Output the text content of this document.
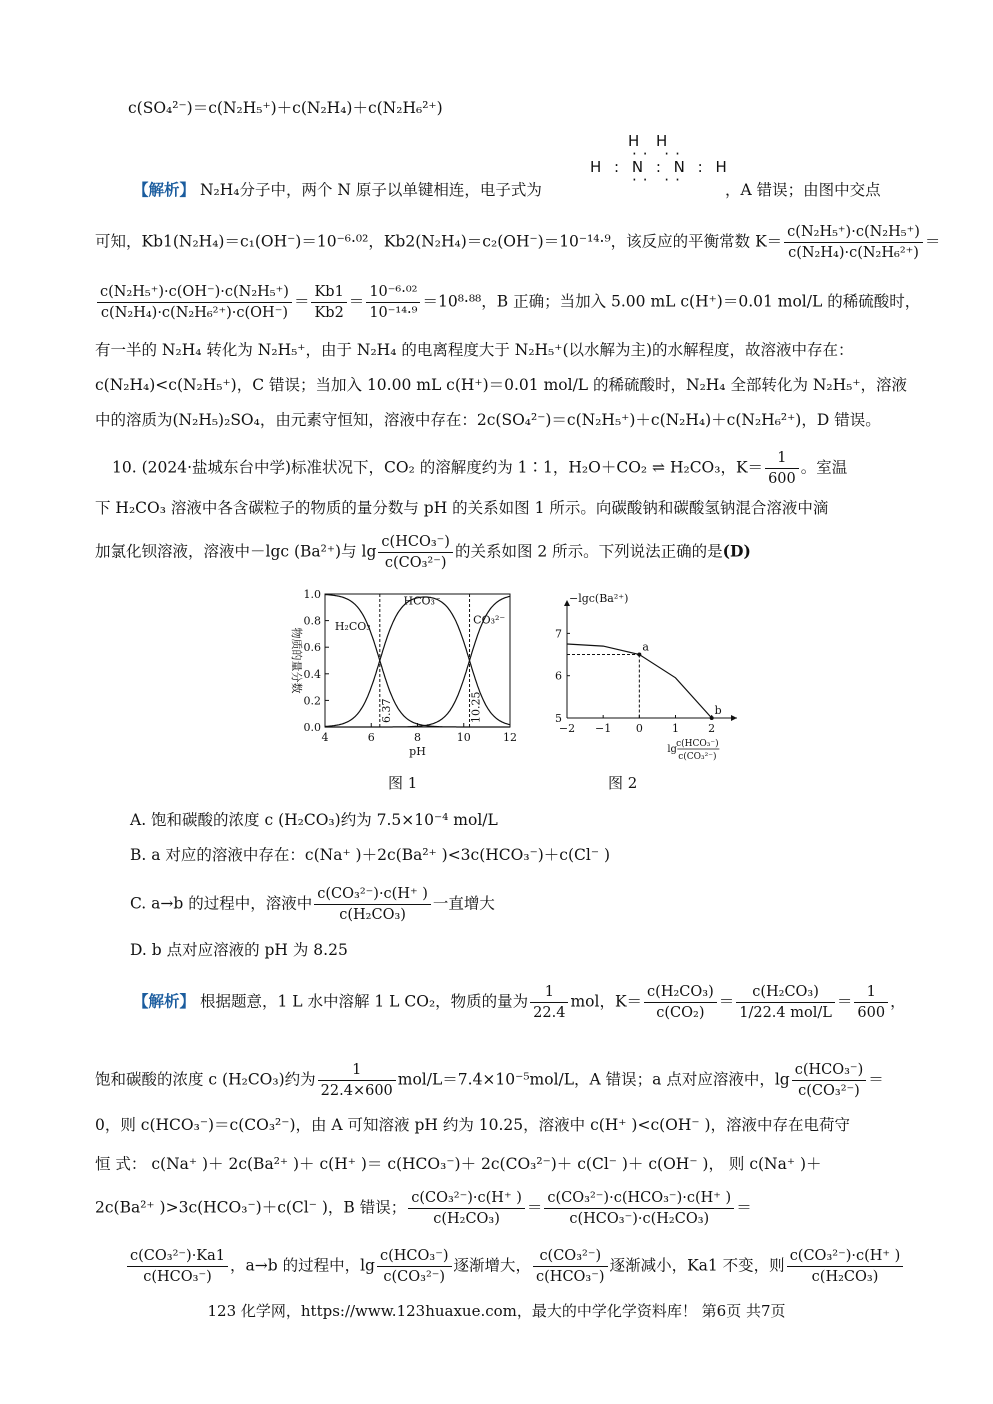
c(SO₄²⁻)＝c(N₂H₅⁺)＋c(N₂H₄)＋c(N₂H₆²⁺)
H H
·· ··
H : N : N : H
·· ··
【解析】 N₂H₄分子中，两个 N 原子以单键相连，电子式为	，A 错误；由图中交点
可知，Kb1(N₂H₄)＝c₁(OH⁻)＝10⁻⁶·⁰²，Kb2(N₂H₄)＝c₂(OH⁻)＝10⁻¹⁴·⁹，该反应的平衡常数 $K= \frac{\text{c(N₂H₅⁺)·c(N₂H₅⁺)}}{\text{c(N₂H₄)·c(N₂H₆²⁺)}}$ ＝
$\frac{\text{c(N₂H₅⁺)·c(OH⁻)·c(N₂H₅⁺)}}{\text{c(N₂H₄)·c(N₂H₆²⁺)·c(OH⁻)}} = \frac{Kb1}{Kb2} = \frac{\text{10⁻⁶·⁰²}}{\text{10⁻¹⁴·⁹}} =10^8\cdot^{88}$，B 正确；当加入 5.00 mL c(H⁺)＝0.01 mol/L 的稀硫酸时，
有一半的 N₂H₄ 转化为 N₂H₅⁺，由于 N₂H₄ 的电离程度大于 N₂H₅⁺(以水解为主)的水解程度，故溶液中存在：
c(N₂H₄)<c(N₂H₅⁺)，C 错误；当加入 10.00 mL c(H⁺)＝0.01 mol/L 的稀硫酸时，N₂H₄ 全部转化为 N₂H₅⁺，溶液
中的溶质为(N₂H₅)₂SO₄，由元素守恒知，溶液中存在：2c(SO₄²⁻)＝c(N₂H₅⁺)＋c(N₂H₄)＋c(N₂H₆²⁺)，D 错误。
10. (2024·盐城东台中学)标准状况下，CO₂ 的溶解度约为 1∶1，H₂O＋CO₂ ⇌ H₂CO₃，$K= \frac{1}{600}$ 。室温
下 H₂CO₃ 溶液中各含碳粒子的物质的量分数与 pH 的关系如图 1 所示。向碳酸钠和碳酸氢钠混合溶液中滴
加氯化钡溶液，溶液中－lgc (Ba²⁺)与 $\lg \frac{\text{c(HCO₃⁻)}}{\text{c(CO₃²⁻)}}$ 的关系如图 2 所示。下列说法正确的是(D)
0.0
0.2
0.4
0.6
0.8
1.0
4	6	8	10	12
pH
物质的量分数
H₂CO₃
HCO₃⁻
CO₃²⁻
6.37	10.25
图 1
−lgc(Ba²⁺)
5
6
7
−2 −1 0	1	2
a
b
lg c(HCO₃⁻)
c(CO₃²⁻)
图 2
A. 饱和碳酸的浓度 c (H₂CO₃)约为 7.5×10⁻⁴ mol/L
B. a 对应的溶液中存在：c(Na⁺ )＋2c(Ba²⁺ )<3c(HCO₃⁻)＋c(Cl⁻ )
C. a→b 的过程中，溶液中 $\frac{\text{c(CO₃²⁻)·c(H⁺ )}}{\text{c(H₂CO₃)}}$ 一直增大
D. b 点对应溶液的 pH 为 8.25
【解析】 根据题意，1 L 水中溶解 1 L CO₂，物质的量为 $\frac{1}{22.4}$ mol，$K= \frac{\text{c(H₂CO₃)}}{\text{c(CO₂)}} = \frac{\text{c(H₂CO₃)}}{\text{1/22.4 mol/L}} = \frac{1}{600}$ ，
饱和碳酸的浓度 c (H₂CO₃)约为 $\frac{1}{22.4\times 600} mol/L=7.4\times 10^{-5}mol/L$，A 错误；a 点对应溶液中，$\lg \frac{\text{c(HCO₃⁻)}}{\text{c(CO₃²⁻)}}$ ＝
0，则 c(HCO₃⁻)＝c(CO₃²⁻)，由 A 可知溶液 pH 约为 10.25，溶液中 c(H⁺ )<c(OH⁻ )，溶液中存在电荷守
恒 式： c(Na⁺ )＋ 2c(Ba²⁺ )＋ c(H⁺ )＝ c(HCO₃⁻)＋ 2c(CO₃²⁻)＋ c(Cl⁻ )＋ c(OH⁻ )， 则 c(Na⁺ )＋
2c(Ba²⁺ )>3c(HCO₃⁻)＋c(Cl⁻ )，B 错误； $\frac{\text{c(CO₃²⁻)·c(H⁺ )}}{\text{c(H₂CO₃)}} = \frac{\text{c(CO₃²⁻)·c(HCO₃⁻)·c(H⁺ )}}{\text{c(HCO₃⁻)·c(H₂CO₃)}}$ ＝
$\frac{\text{c(CO₃²⁻)·Ka1}}{\text{c(HCO₃⁻)}}$ ，a→b 的过程中，$\lg \frac{\text{c(HCO₃⁻)}}{\text{c(CO₃²⁻)}}$ 逐渐增大， $\frac{\text{c(CO₃²⁻)}}{\text{c(HCO₃⁻)}}$ 逐渐减小，Ka1 不变，则 $\frac{\text{c(CO₃²⁻)·c(H⁺ )}}{\text{c(H₂CO₃)}}$
123 化学网，https://www.123huaxue.com，最大的中学化学资料库！ 第6页 共7页
